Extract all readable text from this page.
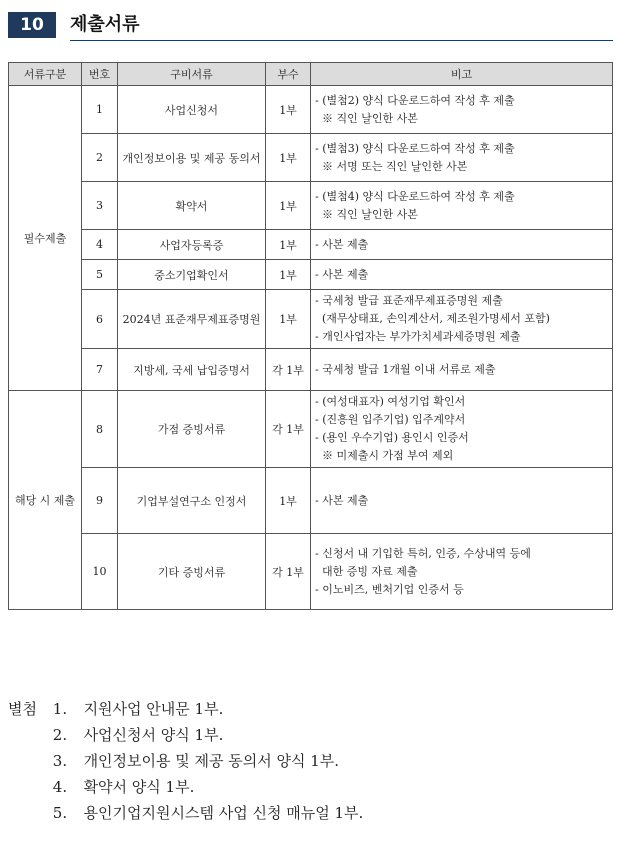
10	제출서류
서류구분	번호	구비서류	부수	비고
필수제출	1	사업신청서	1부	- (별첨2) 양식 다운로드하여 작성 후 제출
※ 직인 날인한 사본

	2	개인정보이용 및 제공 동의서	1부	- (별첨3) 양식 다운로드하여 작성 후 제출
※ 서명 또는 직인 날인한 사본

	3	확약서	1부	- (별첨4) 양식 다운로드하여 작성 후 제출
※ 직인 날인한 사본

	4	사업자등록증	1부	- 사본 제출

	5	중소기업확인서	1부	- 사본 제출

	6	2024년 표준재무제표증명원	1부	- 국세청 발급 표준재무제표증명원 제출
(재무상태표, 손익계산서, 제조원가명세서 포함)
- 개인사업자는 부가가치세과세증명원 제출

	7	지방세, 국세 납입증명서	각 1부	- 국세청 발급 1개월 이내 서류로 제출

해당 시 제출	8	가점 증빙서류	각 1부	- (여성대표자) 여성기업 확인서
- (진흥원 입주기업) 입주계약서
- (용인 우수기업) 용인시 인증서
※ 미제출시 가점 부여 제외

	9	기업부설연구소 인정서	1부	- 사본 제출

	10	기타 증빙서류	각 1부	- 신청서 내 기입한 특허, 인증, 수상내역 등에
대한 증빙 자료 제출
- 이노비즈, 벤처기업 인증서 등
별첨 1. 지원사업 안내문 1부.
2. 사업신청서 양식 1부.
3. 개인정보이용 및 제공 동의서 양식 1부.
4. 확약서 양식 1부.
5. 용인기업지원시스템 사업 신청 매뉴얼 1부.
